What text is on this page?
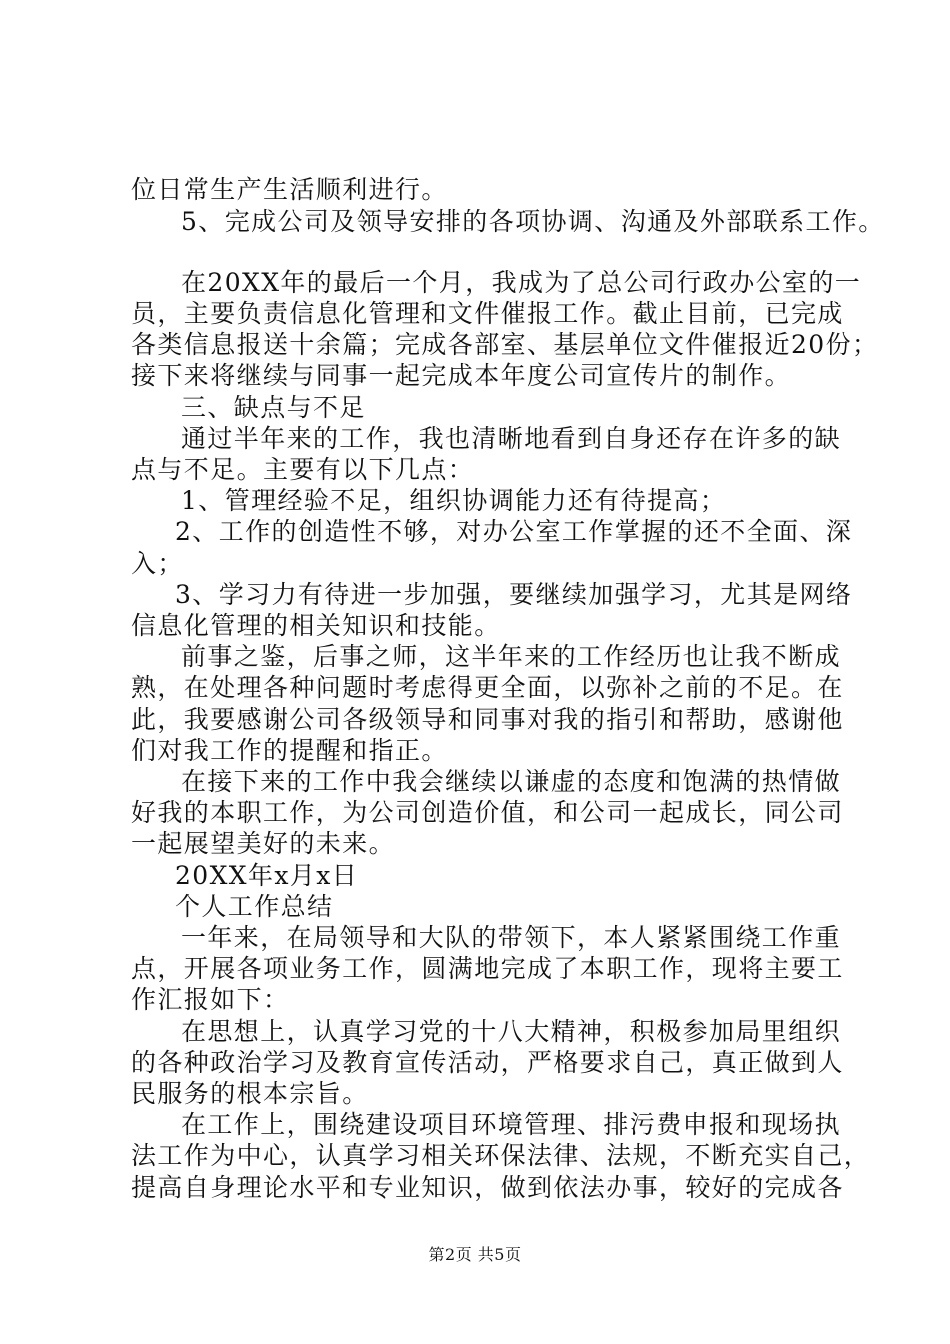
位日常生产生活顺利进行。
5、完成公司及领导安排的各项协调、沟通及外部联系工作。
在20XX年的最后一个月，我成为了总公司行政办公室的一
员，主要负责信息化管理和文件催报工作。截止目前，已完成
各类信息报送十余篇；完成各部室、基层单位文件催报近20份；
接下来将继续与同事一起完成本年度公司宣传片的制作。
三、缺点与不足
通过半年来的工作，我也清晰地看到自身还存在许多的缺
点与不足。主要有以下几点：
1、管理经验不足，组织协调能力还有待提高；
2、工作的创造性不够，对办公室工作掌握的还不全面、深
入；
3、学习力有待进一步加强，要继续加强学习，尤其是网络
信息化管理的相关知识和技能。
前事之鉴，后事之师，这半年来的工作经历也让我不断成
熟，在处理各种问题时考虑得更全面，以弥补之前的不足。在
此，我要感谢公司各级领导和同事对我的指引和帮助，感谢他
们对我工作的提醒和指正。
在接下来的工作中我会继续以谦虚的态度和饱满的热情做
好我的本职工作，为公司创造价值，和公司一起成长，同公司
一起展望美好的未来。
20XX年x月x日
个人工作总结
一年来，在局领导和大队的带领下，本人紧紧围绕工作重
点，开展各项业务工作，圆满地完成了本职工作，现将主要工
作汇报如下：
在思想上，认真学习党的十八大精神，积极参加局里组织
的各种政治学习及教育宣传活动，严格要求自己，真正做到人
民服务的根本宗旨。
在工作上，围绕建设项目环境管理、排污费申报和现场执
法工作为中心，认真学习相关环保法律、法规，不断充实自己，
提高自身理论水平和专业知识，做到依法办事，较好的完成各
第2页 共5页
